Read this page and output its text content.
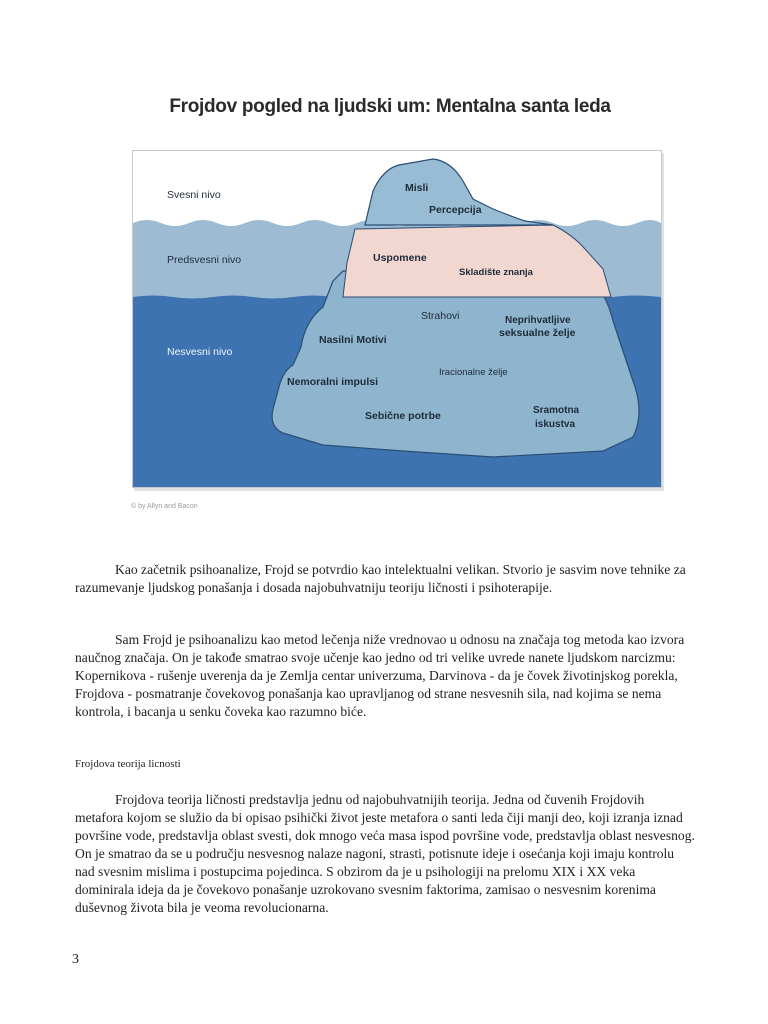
Frojdov pogled na ljudski um: Mentalna santa leda
Svesni nivo
Predsvesni nivo
Nesvesni nivo
Misli
Percepcija
Uspomene
Skladište znanja
Strahovi	Neprihvatljive
seksualne želje
Nasilni Motivi
Iracionalne želje
Nemoralni impulsi
Sebične potrbe	Sramotna
iskustva
© by Allyn and Bacon

Kao začetnik psihoanalize, Frojd se potvrdio kao intelektualni velikan. Stvorio je sasvim nove tehnike za razumevanje ljudskog ponašanja i dosada najobuhvatniju teoriju ličnosti i psihoterapije.

Sam Frojd je psihoanalizu kao metod lečenja niže vrednovao u odnosu na značaja tog metoda kao izvora naučnog značaja. On je takođe smatrao svoje učenje kao jedno od tri velike uvrede nanete ljudskom narcizmu: Kopernikova - rušenje uverenja da je Zemlja centar univerzuma, Darvinova - da je čovek životinjskog porekla, Frojdova - posmatranje čovekovog ponašanja kao upravljanog od strane nesvesnih sila, nad kojima se nema kontrola, i bacanja u senku čoveka kao razumno biće.

Frojdova teorija licnosti

Frojdova teorija ličnosti predstavlja jednu od najobuhvatnijih teorija. Jedna od čuvenih Frojdovih metafora kojom se služio da bi opisao psihički život jeste metafora o santi leda čiji manji deo, koji izranja iznad površine vode, predstavlja oblast svesti, dok mnogo veća masa ispod površine vode, predstavlja oblast nesvesnog. On je smatrao da se u području nesvesnog nalaze nagoni, strasti, potisnute ideje i osećanja koji imaju kontrolu nad svesnim mislima i postupcima pojedinca. S obzirom da je u psihologiji na prelomu XIX i XX veka dominirala ideja da je čovekovo ponašanje uzrokovano svesnim faktorima, zamisao o nesvesnim korenima duševnog života bila je veoma revolucionarna.

3
